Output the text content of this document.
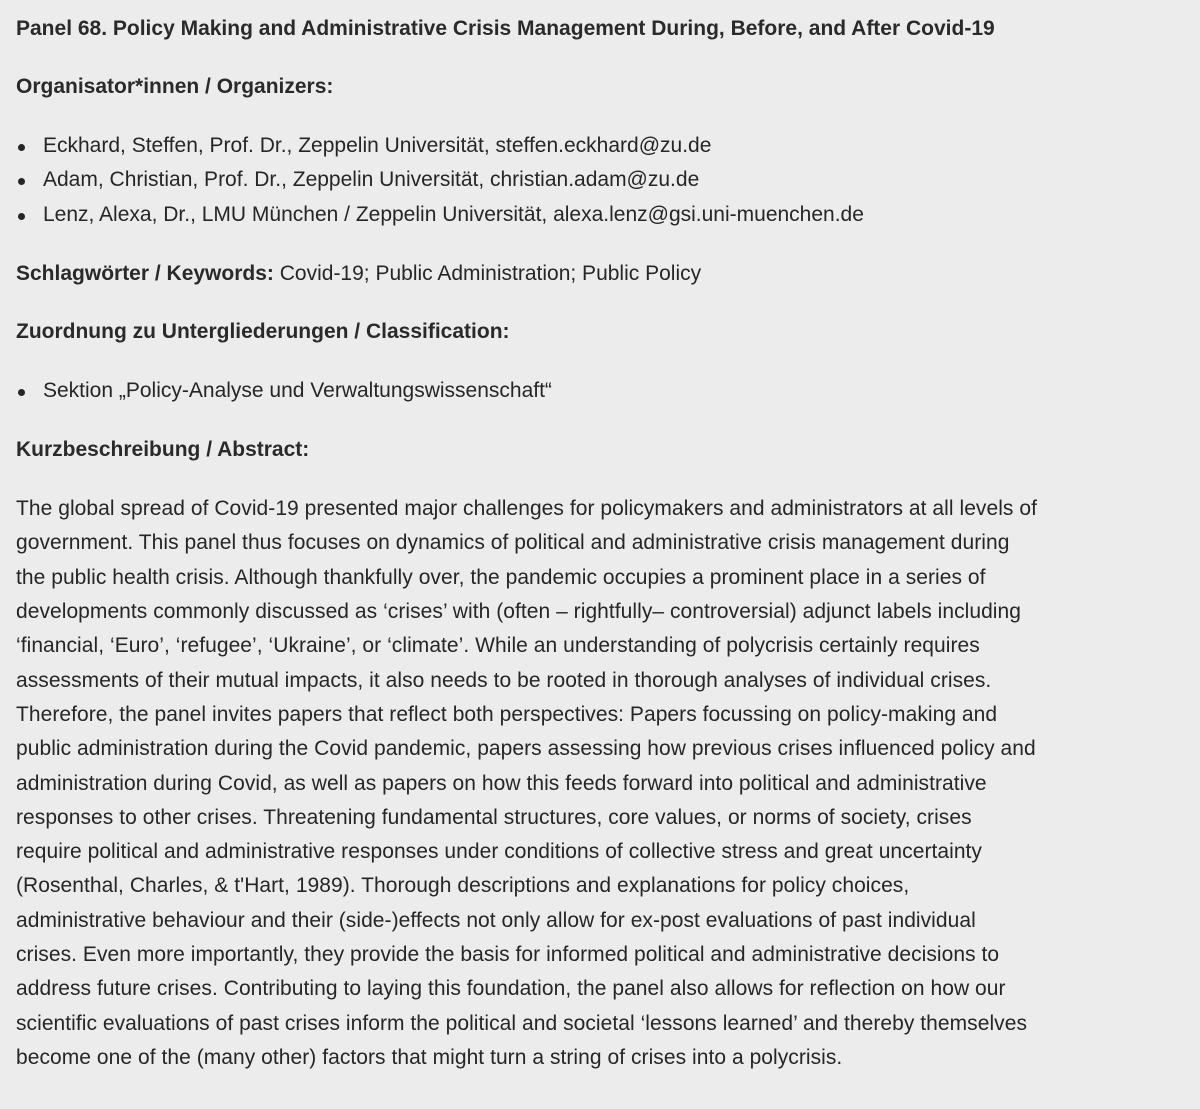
Panel 68. Policy Making and Administrative Crisis Management During, Before, and After Covid-19

Organisator*innen / Organizers:

Eckhard, Steffen, Prof. Dr., Zeppelin Universität, steffen.eckhard@zu.de
Adam, Christian, Prof. Dr., Zeppelin Universität, christian.adam@zu.de
Lenz, Alexa, Dr., LMU München / Zeppelin Universität, alexa.lenz@gsi.uni-muenchen.de

Schlagwörter / Keywords: Covid-19; Public Administration; Public Policy

Zuordnung zu Untergliederungen / Classification:

Sektion „Policy-Analyse und Verwaltungswissenschaft“

Kurzbeschreibung / Abstract:

The global spread of Covid-19 presented major challenges for policymakers and administrators at all levels of
government. This panel thus focuses on dynamics of political and administrative crisis management during
the public health crisis. Although thankfully over, the pandemic occupies a prominent place in a series of
developments commonly discussed as ‘crises’ with (often – rightfully– controversial) adjunct labels including
‘financial, ‘Euro’, ‘refugee’, ‘Ukraine’, or ‘climate’. While an understanding of polycrisis certainly requires
assessments of their mutual impacts, it also needs to be rooted in thorough analyses of individual crises.
Therefore, the panel invites papers that reflect both perspectives: Papers focussing on policy-making and
public administration during the Covid pandemic, papers assessing how previous crises influenced policy and
administration during Covid, as well as papers on how this feeds forward into political and administrative
responses to other crises. Threatening fundamental structures, core values, or norms of society, crises
require political and administrative responses under conditions of collective stress and great uncertainty
(Rosenthal, Charles, & t'Hart, 1989). Thorough descriptions and explanations for policy choices,
administrative behaviour and their (side-)effects not only allow for ex-post evaluations of past individual
crises. Even more importantly, they provide the basis for informed political and administrative decisions to
address future crises. Contributing to laying this foundation, the panel also allows for reflection on how our
scientific evaluations of past crises inform the political and societal ‘lessons learned’ and thereby themselves
become one of the (many other) factors that might turn a string of crises into a polycrisis.
